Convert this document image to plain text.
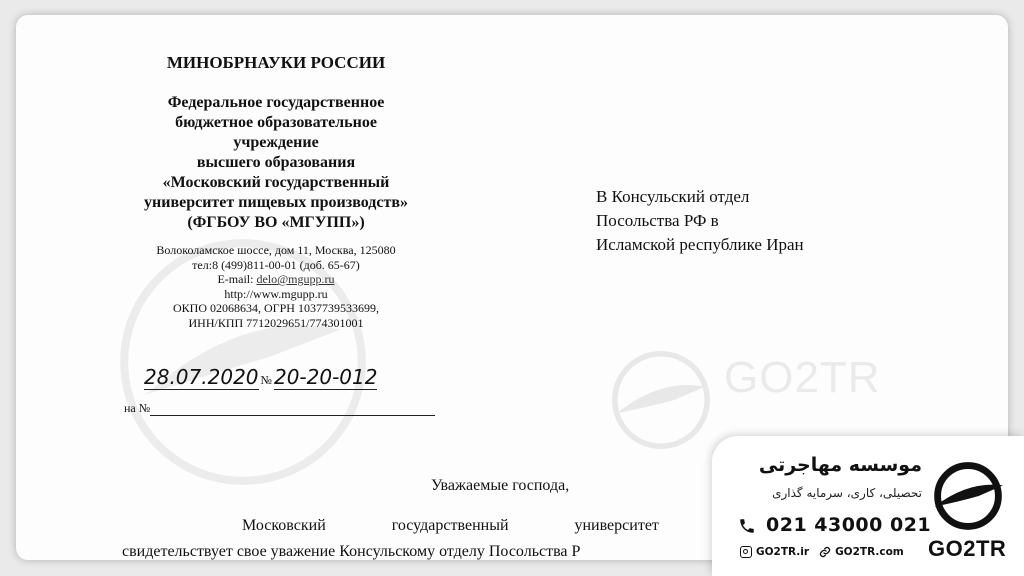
GO2TR

МИНОБРНАУКИ РОССИИ

Федеральное государственное
бюджетное образовательное
учреждение
высшего образования
«Московский государственный
университет пищевых производств»
(ФГБОУ ВО «МГУПП»)
Волоколамское шоссе, дом 11, Москва, 125080
тел:8 (499)811-00-01 (доб. 65-67)
E-mail: delo@mgupp.ru
http://www.mgupp.ru
ОКПО 02068634, ОГРН 1037739533699,
ИНН/КПП 7712029651/774301001
28.07.2020 № 20-20-012
на №
В Консульский отдел
Посольства РФ в
Исламской республике Иран
Уважаемые господа,
Московский	государственный	университет
свидетельствует свое уважение Консульскому отделу Посольства Р
موسسه مهاجرتی
تحصیلی، کاری، سرمایه گذاری
021 43000 021
GO2TR.ir GO2TR.com GO2TR
